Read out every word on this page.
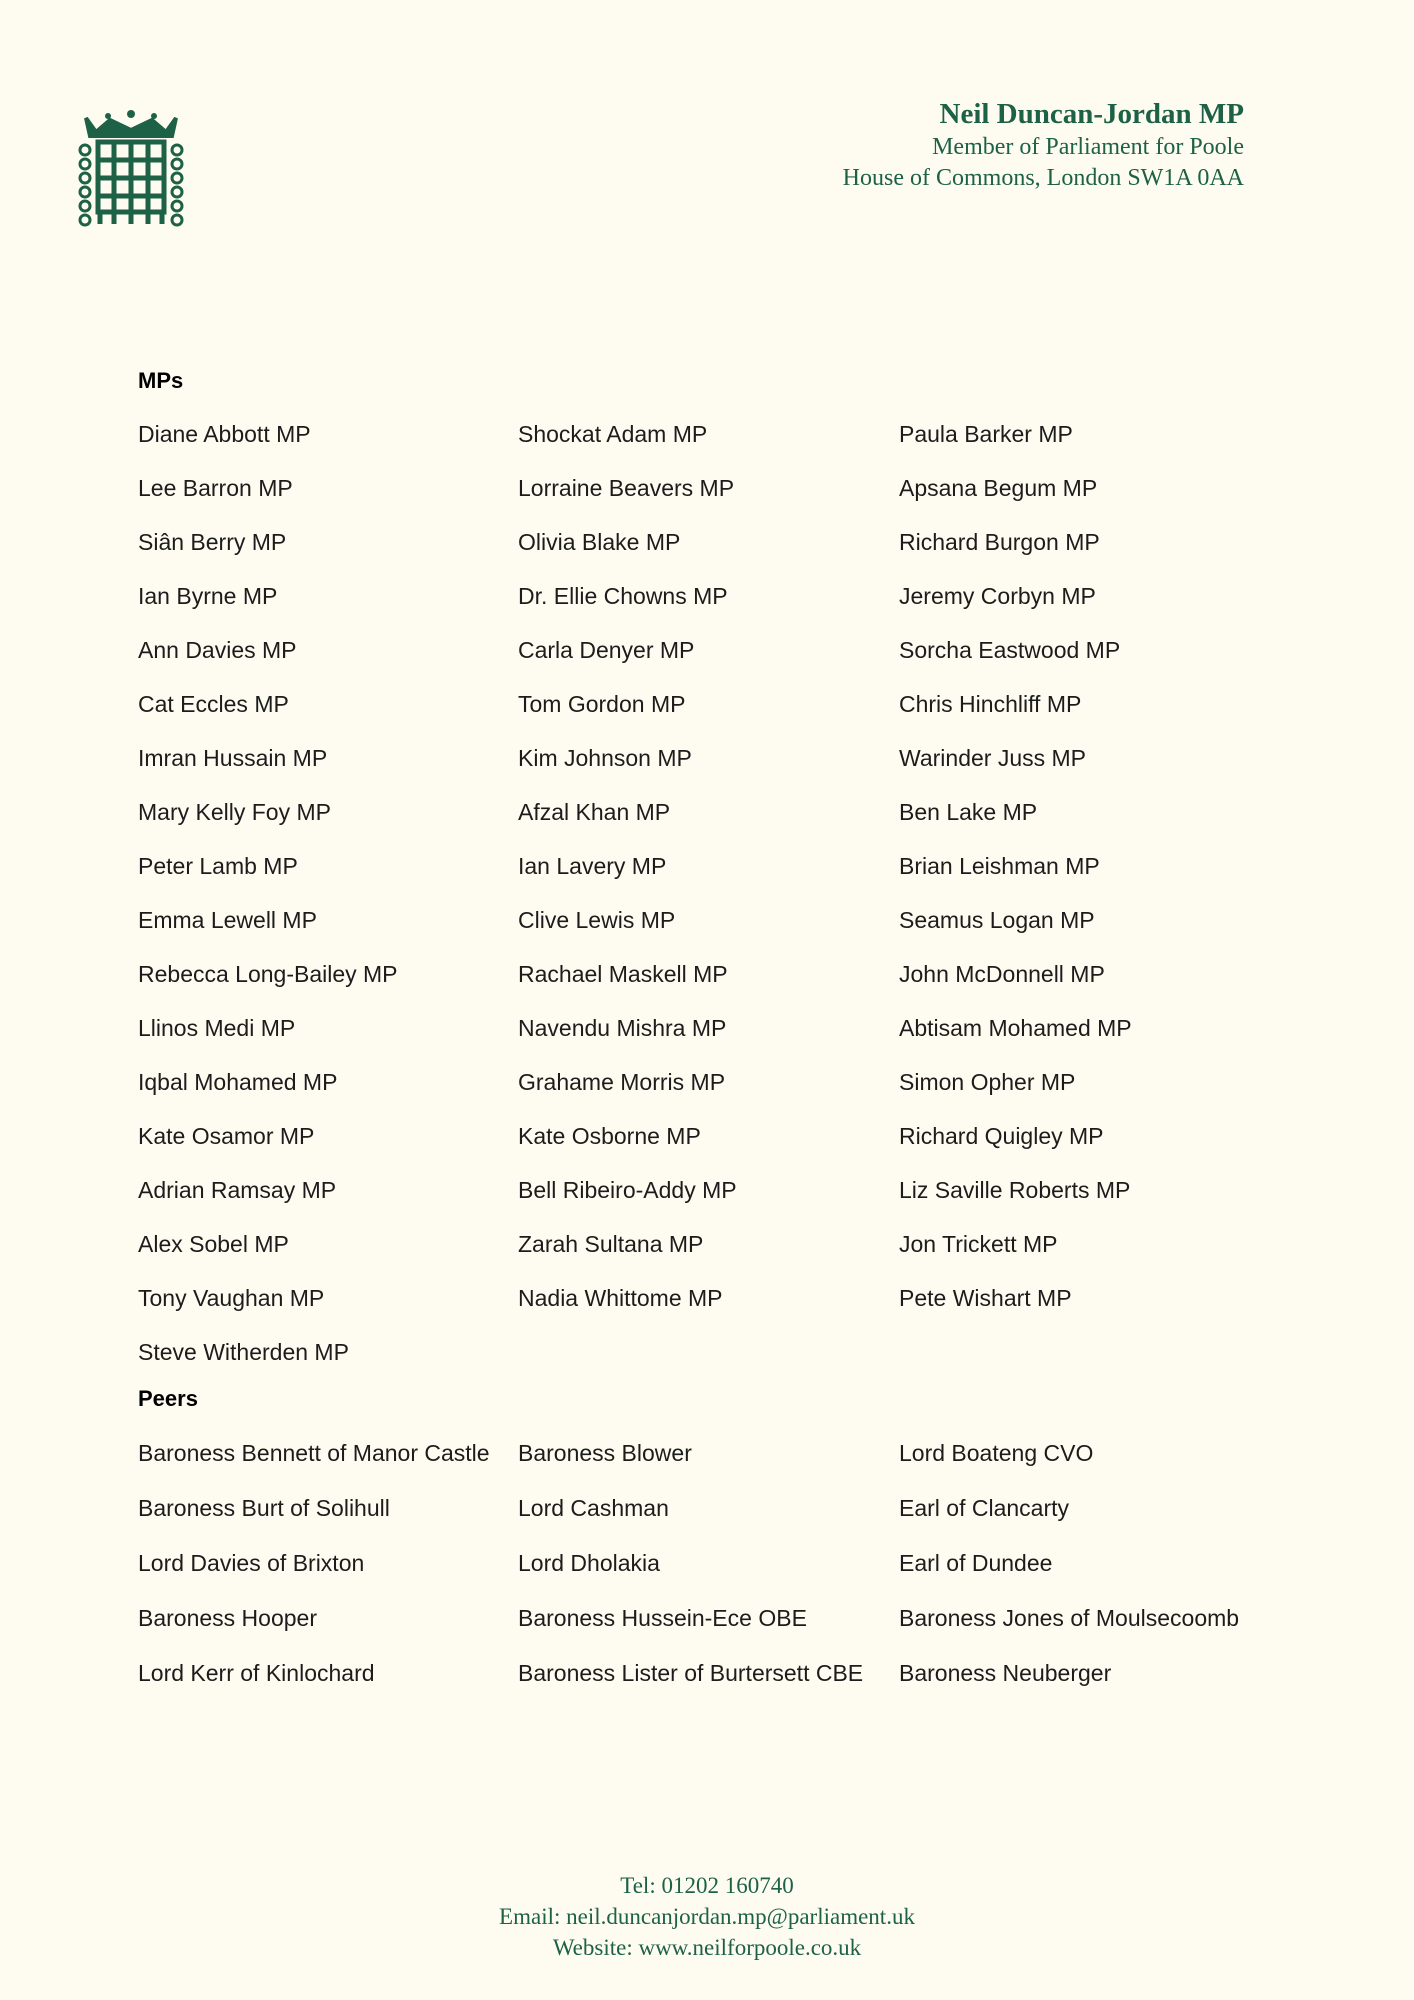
Neil Duncan-Jordan MP
Member of Parliament for Poole
House of Commons, London SW1A 0AA
MPs
Diane Abbott MP	Shockat Adam MP	Paula Barker MP
Lee Barron MP	Lorraine Beavers MP	Apsana Begum MP
Siân Berry MP	Olivia Blake MP	Richard Burgon MP
Ian Byrne MP	Dr. Ellie Chowns MP	Jeremy Corbyn MP
Ann Davies MP	Carla Denyer MP	Sorcha Eastwood MP
Cat Eccles MP	Tom Gordon MP	Chris Hinchliff MP
Imran Hussain MP	Kim Johnson MP	Warinder Juss MP
Mary Kelly Foy MP	Afzal Khan MP	Ben Lake MP
Peter Lamb MP	Ian Lavery MP	Brian Leishman MP
Emma Lewell MP	Clive Lewis MP	Seamus Logan MP
Rebecca Long-Bailey MP	Rachael Maskell MP	John McDonnell MP
Llinos Medi MP	Navendu Mishra MP	Abtisam Mohamed MP
Iqbal Mohamed MP	Grahame Morris MP	Simon Opher MP
Kate Osamor MP	Kate Osborne MP	Richard Quigley MP
Adrian Ramsay MP	Bell Ribeiro-Addy MP	Liz Saville Roberts MP
Alex Sobel MP	Zarah Sultana MP	Jon Trickett MP
Tony Vaughan MP	Nadia Whittome MP	Pete Wishart MP
Steve Witherden MP
Peers
Baroness Bennett of Manor Castle	Baroness Blower	Lord Boateng CVO
Baroness Burt of Solihull	Lord Cashman	Earl of Clancarty
Lord Davies of Brixton	Lord Dholakia	Earl of Dundee
Baroness Hooper	Baroness Hussein-Ece OBE	Baroness Jones of Moulsecoomb
Lord Kerr of Kinlochard	Baroness Lister of Burtersett CBE	Baroness Neuberger
Tel: 01202 160740
Email: neil.duncanjordan.mp@parliament.uk
Website: www.neilforpoole.co.uk
